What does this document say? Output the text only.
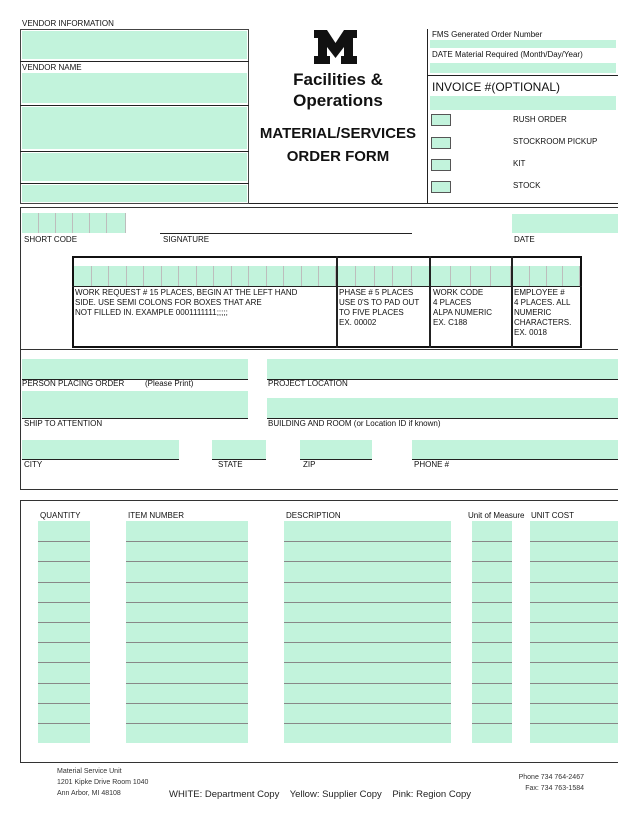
VENDOR INFORMATION
VENDOR NAME
Facilities &
Operations
MATERIAL/SERVICES
ORDER FORM
FMS Generated Order Number
DATE Material Required (Month/Day/Year)
INVOICE #(OPTIONAL)
RUSH ORDER
STOCKROOM PICKUP
KIT
STOCK
SHORT CODE	SIGNATURE	DATE
WORK REQUEST # 15 PLACES, BEGIN AT THE LEFT HAND
SIDE. USE SEMI COLONS FOR BOXES THAT ARE
NOT FILLED IN. EXAMPLE 0001111111;;;;;
PHASE # 5 PLACES
USE 0'S TO PAD OUT
TO FIVE PLACES
EX. 00002
WORK CODE
4 PLACES
ALPA NUMERIC
EX. C188
EMPLOYEE #
4 PLACES. ALL
NUMERIC
CHARACTERS.
EX. 0018
PERSON PLACING ORDER	(Please Print)	PROJECT LOCATION
SHIP TO ATTENTION	BUILDING AND ROOM (or Location ID if known)
CITY	STATE	ZIP	PHONE #
QUANTITY	ITEM NUMBER	DESCRIPTION	Unit of Measure UNIT COST
Material Service Unit
1201 Kipke Drive Room 1040
Ann Arbor, MI 48108
Phone 734 764-2467
Fax: 734 763-1584
WHITE: Department Copy    Yellow: Supplier Copy    Pink: Region Copy
